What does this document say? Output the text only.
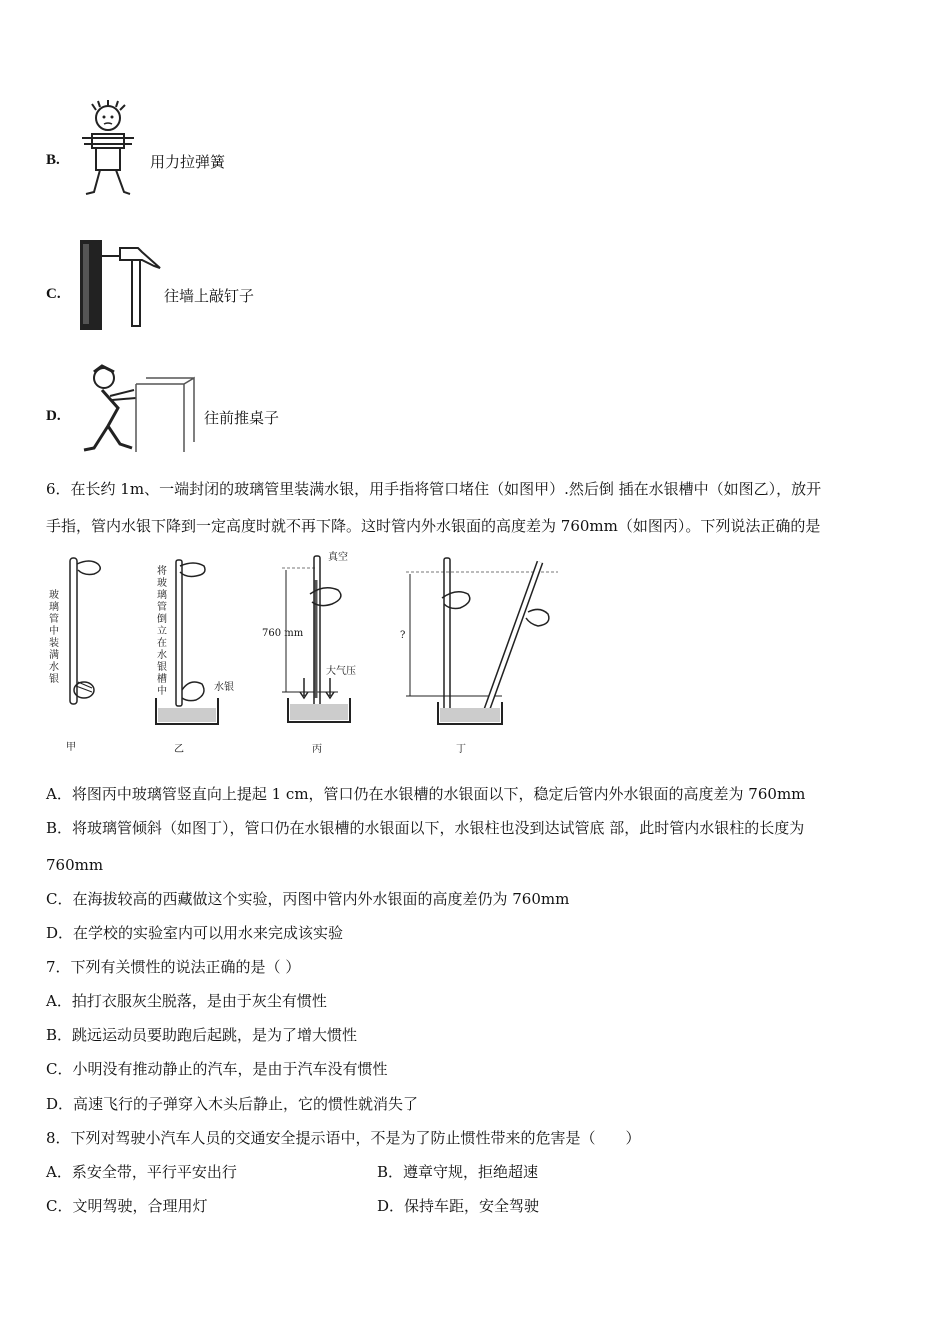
B.	用力拉弹簧
C.	往墙上敲钉子
D.	往前推桌子
6．在长约 1m、一端封闭的玻璃管里装满水银，用手指将管口堵住（如图甲）.然后倒 插在水银槽中（如图乙），放开
手指，管内水银下降到一定高度时就不再下降。这时管内外水银面的高度差为 760mm（如图丙）。下列说法正确的是
玻璃管中装满水银
甲
将玻璃管倒立在水银槽中	水银
乙
真空
760 mm
大气压
丙
?
丁
A．将图丙中玻璃管竖直向上提起 1 cm，管口仍在水银槽的水银面以下，稳定后管内外水银面的高度差为 760mm
B．将玻璃管倾斜（如图丁），管口仍在水银槽的水银面以下，水银柱也没到达试管底 部，此时管内水银柱的长度为
760mm
C．在海拔较高的西藏做这个实验，丙图中管内外水银面的高度差仍为 760mm
D．在学校的实验室内可以用水来完成该实验
7．下列有关惯性的说法正确的是（ ）
A．拍打衣服灰尘脱落，是由于灰尘有惯性
B．跳远运动员要助跑后起跳，是为了增大惯性
C．小明没有推动静止的汽车，是由于汽车没有惯性
D．高速飞行的子弹穿入木头后静止，它的惯性就消失了
8．下列对驾驶小汽车人员的交通安全提示语中，不是为了防止惯性带来的危害是（　　）
A．系安全带，平行平安出行	B．遵章守规，拒绝超速
C．文明驾驶，合理用灯	D．保持车距，安全驾驶
